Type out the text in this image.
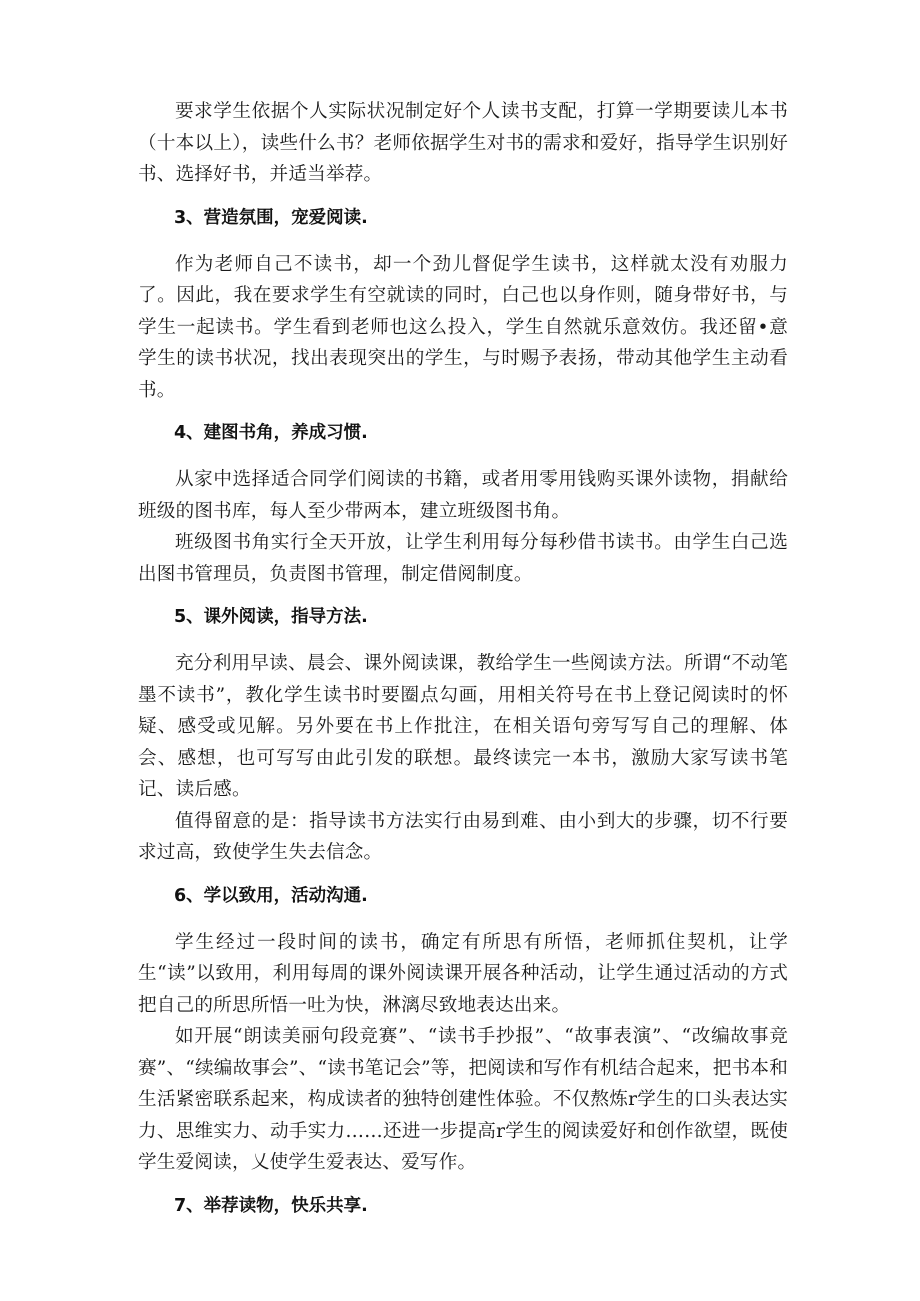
要求学生依据个人实际状况制定好个人读书支配，打算一学期要读儿本书（十本以上），读些什么书？老师依据学生对书的需求和爱好，指导学生识别好书、选择好书，并适当举荐。

3、营造氛围，宠爱阅读.

作为老师自己不读书，却一个劲儿督促学生读书，这样就太没有劝服力了。因此，我在要求学生有空就读的同时，白己也以身作则，随身带好书，与学生一起读书。学生看到老师也这么投入，学生自然就乐意效仿。我还留•意学生的读书状况，找出表现突出的学生，与时赐予表扬，带动其他学生主动看书。

4、建图书角，养成习惯.

从家中选择适合同学们阅读的书籍，或者用零用钱购买课外读物，捐献给班级的图书库，每人至少带两本，建立班级图书角。

班级图书角实行全天开放，让学生利用每分每秒借书读书。由学生白己选出图书管理员，负责图书管理，制定借阅制度。

5、课外阅读，指导方法.

充分利用早读、晨会、课外阅读课，教给学生一些阅读方法。所谓“不动笔墨不读书”，教化学生读书时要圈点勾画，用相关符号在书上登记阅读时的怀疑、感受或见解。另外要在书上作批注，在相关语句旁写写自己的理解、体会、感想，也可写写由此引发的联想。最终读完一本书，激励大家写读书笔记、读后感。

值得留意的是：指导读书方法实行由易到难、由小到大的步骤，切不行要求过高，致使学生失去信念。

6、学以致用，活动沟通.

学生经过一段时间的读书，确定有所思有所悟，老师抓住契机，让学生“读”以致用，利用每周的课外阅读课开展各种活动，让学生通过活动的方式把自己的所思所悟一吐为快，淋漓尽致地表达出来。

如开展“朗读美丽句段竞赛”、“读书手抄报”、“故事表演”、“改编故事竞赛”、“续编故事会”、“读书笔记会”等，把阅读和写作有机结合起来，把书本和生活紧密联系起来，构成读者的独特创建性体验。不仅熬炼r学生的口头表达实力、思维实力、动手实力……还进一步提高r学生的阅读爱好和创作欲望，既使学生爱阅读，乂使学生爱表达、爱写作。

7、举荐读物，快乐共享.
